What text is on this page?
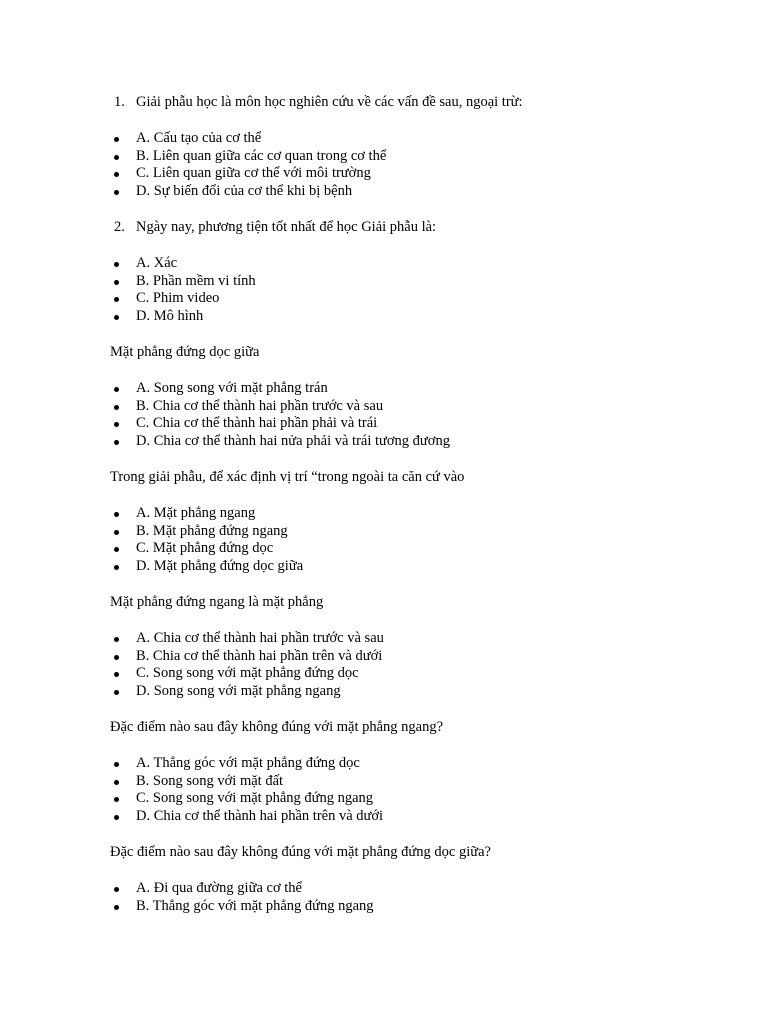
1. Giải phẫu học là môn học nghiên cứu về các vấn đề sau, ngoại trừ:
A. Cấu tạo của cơ thể
B. Liên quan giữa các cơ quan trong cơ thể
C. Liên quan giữa cơ thể với môi trường
D. Sự biến đổi của cơ thể khi bị bệnh
2. Ngày nay, phương tiện tốt nhất để học Giải phẫu là:
A. Xác
B. Phần mềm vi tính
C. Phim video
D. Mô hình
Mặt phẳng đứng dọc giữa
A. Song song với mặt phẳng trán
B. Chia cơ thể thành hai phần trước và sau
C. Chia cơ thể thành hai phần phải và trái
D. Chia cơ thể thành hai nửa phải và trái tương đương
Trong giải phẫu, để xác định vị trí “trong ngoài ta căn cứ vào
A. Mặt phẳng ngang
B. Mặt phẳng đứng ngang
C. Mặt phẳng đứng dọc
D. Mặt phẳng đứng dọc giữa
Mặt phẳng đứng ngang là mặt phẳng
A. Chia cơ thể thành hai phần trước và sau
B. Chia cơ thể thành hai phần trên và dưới
C. Song song với mặt phẳng đứng dọc
D. Song song với mặt phẳng ngang
Đặc điểm nào sau đây không đúng với mặt phẳng ngang?
A. Thẳng góc với mặt phẳng đứng dọc
B. Song song với mặt đất
C. Song song với mặt phẳng đứng ngang
D. Chia cơ thể thành hai phần trên và dưới
Đặc điểm nào sau đây không đúng với mặt phẳng đứng dọc giữa?
A. Đi qua đường giữa cơ thể
B. Thẳng góc với mặt phẳng đứng ngang
